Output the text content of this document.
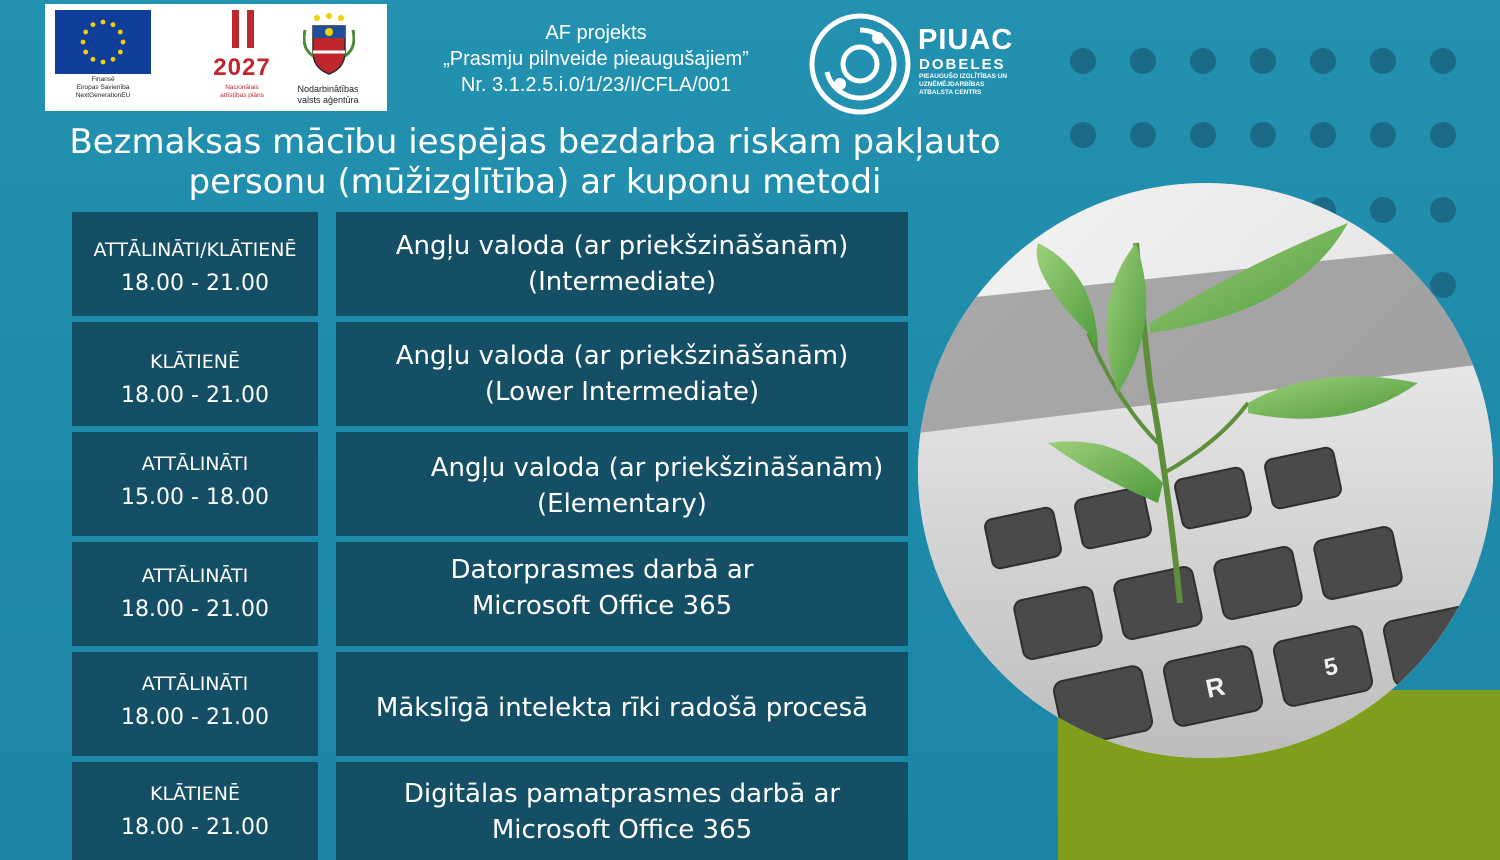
Finansē
Eiropas Savienība
NextGenerationEU
2027
Nacionālais
attīstības plāns
Nodarbinātības
valsts aģentūra
AF projekts
„Prasmju pilnveide pieaugušajiem”
Nr. 3.1.2.5.i.0/1/23/I/CFLA/001
PIUAC
DOBELES
PIEAUGUŠO IZGLĪTĪBAS UN UZŅĒMĒJDARBĪBAS ATBALSTA CENTRS
Bezmaksas mācību iespējas bezdarba riskam pakļauto
personu (mūžizglītība) ar kuponu metodi
ATTĀLINĀTI/KLĀTIENĒ
18.00 - 21.00
Angļu valoda (ar priekšzināšanām)
(Intermediate)
KLĀTIENĒ
18.00 - 21.00
Angļu valoda (ar priekšzināšanām)
(Lower Intermediate)
ATTĀLINĀTI
15.00 - 18.00
Angļu valoda (ar priekšzināšanām)
(Elementary)
ATTĀLINĀTI
18.00 - 21.00
Datorprasmes darbā ar
Microsoft Office 365
ATTĀLINĀTI
18.00 - 21.00	Mākslīgā intelekta rīki radošā procesā
KLĀTIENĒ
18.00 - 21.00
Digitālas pamatprasmes darbā ar
Microsoft Office 365
R
5
